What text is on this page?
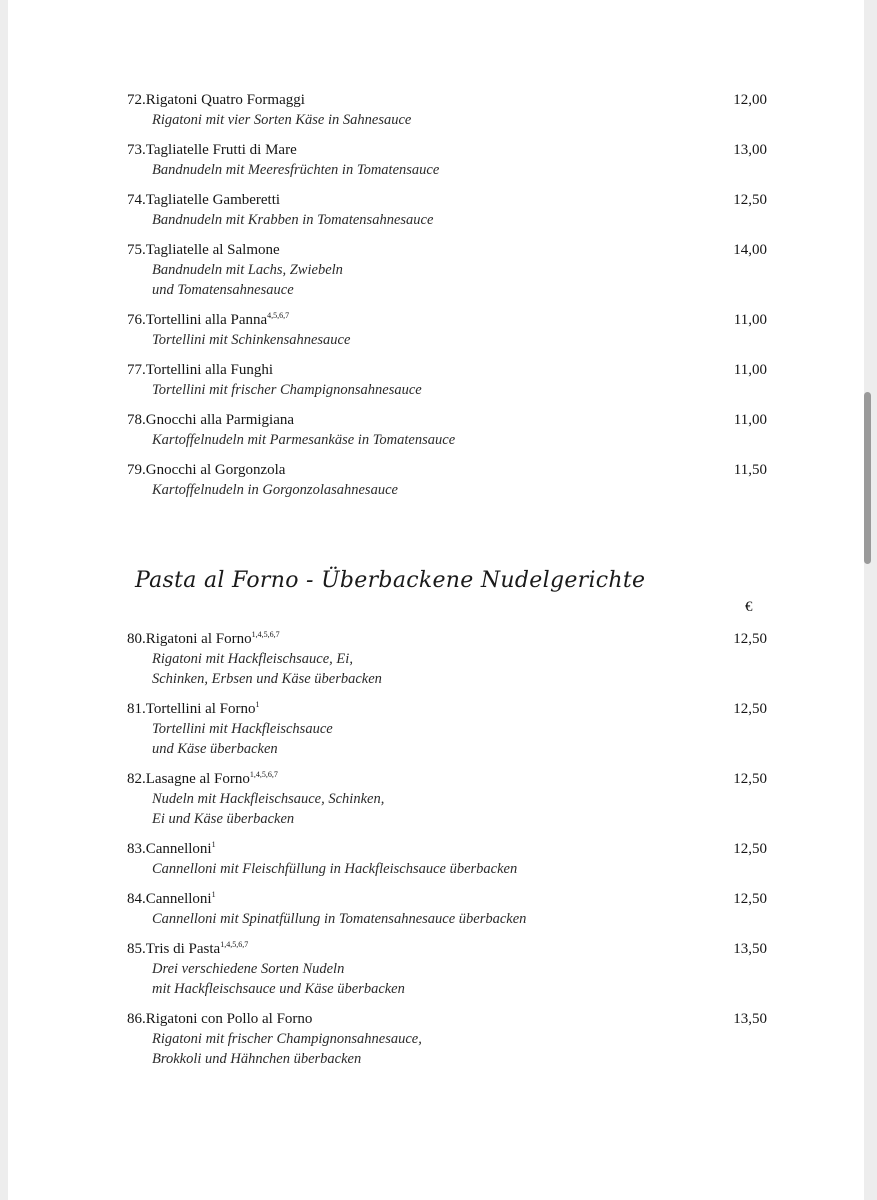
72.Rigatoni Quatro Formaggi
Rigatoni mit vier Sorten Käse in Sahnesauce
12,00
73.Tagliatelle Frutti di Mare
Bandnudeln mit Meeresfrüchten in Tomatensauce
13,00
74.Tagliatelle Gamberetti
Bandnudeln mit Krabben in Tomatensahnesauce
12,50
75.Tagliatelle al Salmone
Bandnudeln mit Lachs, Zwiebeln
und Tomatensahnesauce
14,00
76.Tortellini alla Panna$^{4,5,6,7}$
Tortellini mit Schinkensahnesauce
11,00
77.Tortellini alla Funghi
Tortellini mit frischer Champignonsahnesauce
11,00
78.Gnocchi alla Parmigiana
Kartoffelnudeln mit Parmesankäse in Tomatensauce
11,00
79.Gnocchi al Gorgonzola
Kartoffelnudeln in Gorgonzolasahnesauce
11,50
Pasta al Forno - Überbackene Nudelgerichte
€
80.Rigatoni al Forno$^{1,4,5,6,7}$
Rigatoni mit Hackfleischsauce, Ei,
Schinken, Erbsen und Käse überbacken
12,50
81.Tortellini al Forno$^1$
Tortellini mit Hackfleischsauce
und Käse überbacken
12,50
82.Lasagne al Forno$^{1,4,5,6,7}$
Nudeln mit Hackfleischsauce, Schinken,
Ei und Käse überbacken
12,50
83.Cannelloni$^1$
Cannelloni mit Fleischfüllung in Hackfleischsauce überbacken
12,50
84.Cannelloni$^1$
Cannelloni mit Spinatfüllung in Tomatensahnesauce überbacken
12,50
85.Tris di Pasta$^{1,4,5,6,7}$
Drei verschiedene Sorten Nudeln
mit Hackfleischsauce und Käse überbacken
13,50
86.Rigatoni con Pollo al Forno
Rigatoni mit frischer Champignonsahnesauce,
Brokkoli und Hähnchen überbacken
13,50
